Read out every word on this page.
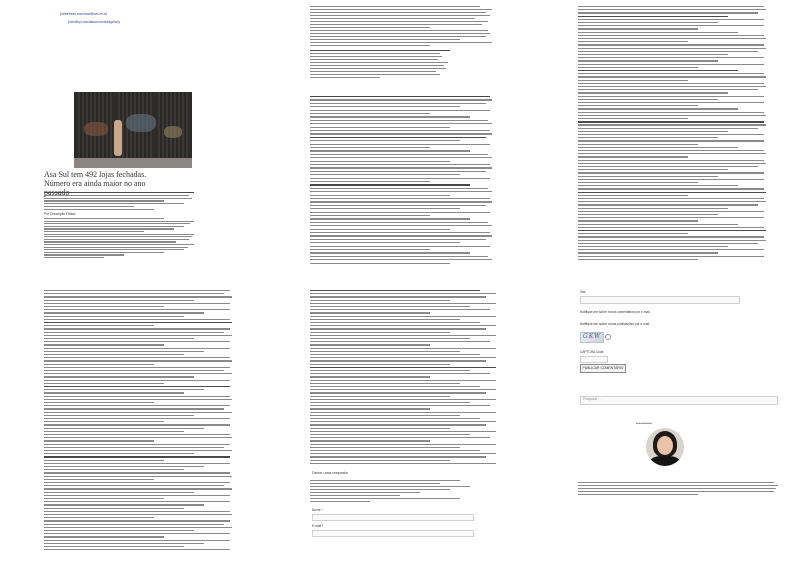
(##ealfreen.com/modificam.es.lnt
(##/ollkipt-rmodiakam-es/ollkitgahsit)
Asa Sul tem 492 lojas fechadas. Número era ainda maior no ano
Por Conceição Freitas
Deixe uma resposta
Nome *
E-mail *
Site
Notifique-me sobre novos comentários por e-mail.
Notifique-me sobre novas publicações por e-mail.
GKW
CAPTCHA Code
PUBLICAR COMENTÁRIO
Pesquisar ...
■■■■■■■■■■■
